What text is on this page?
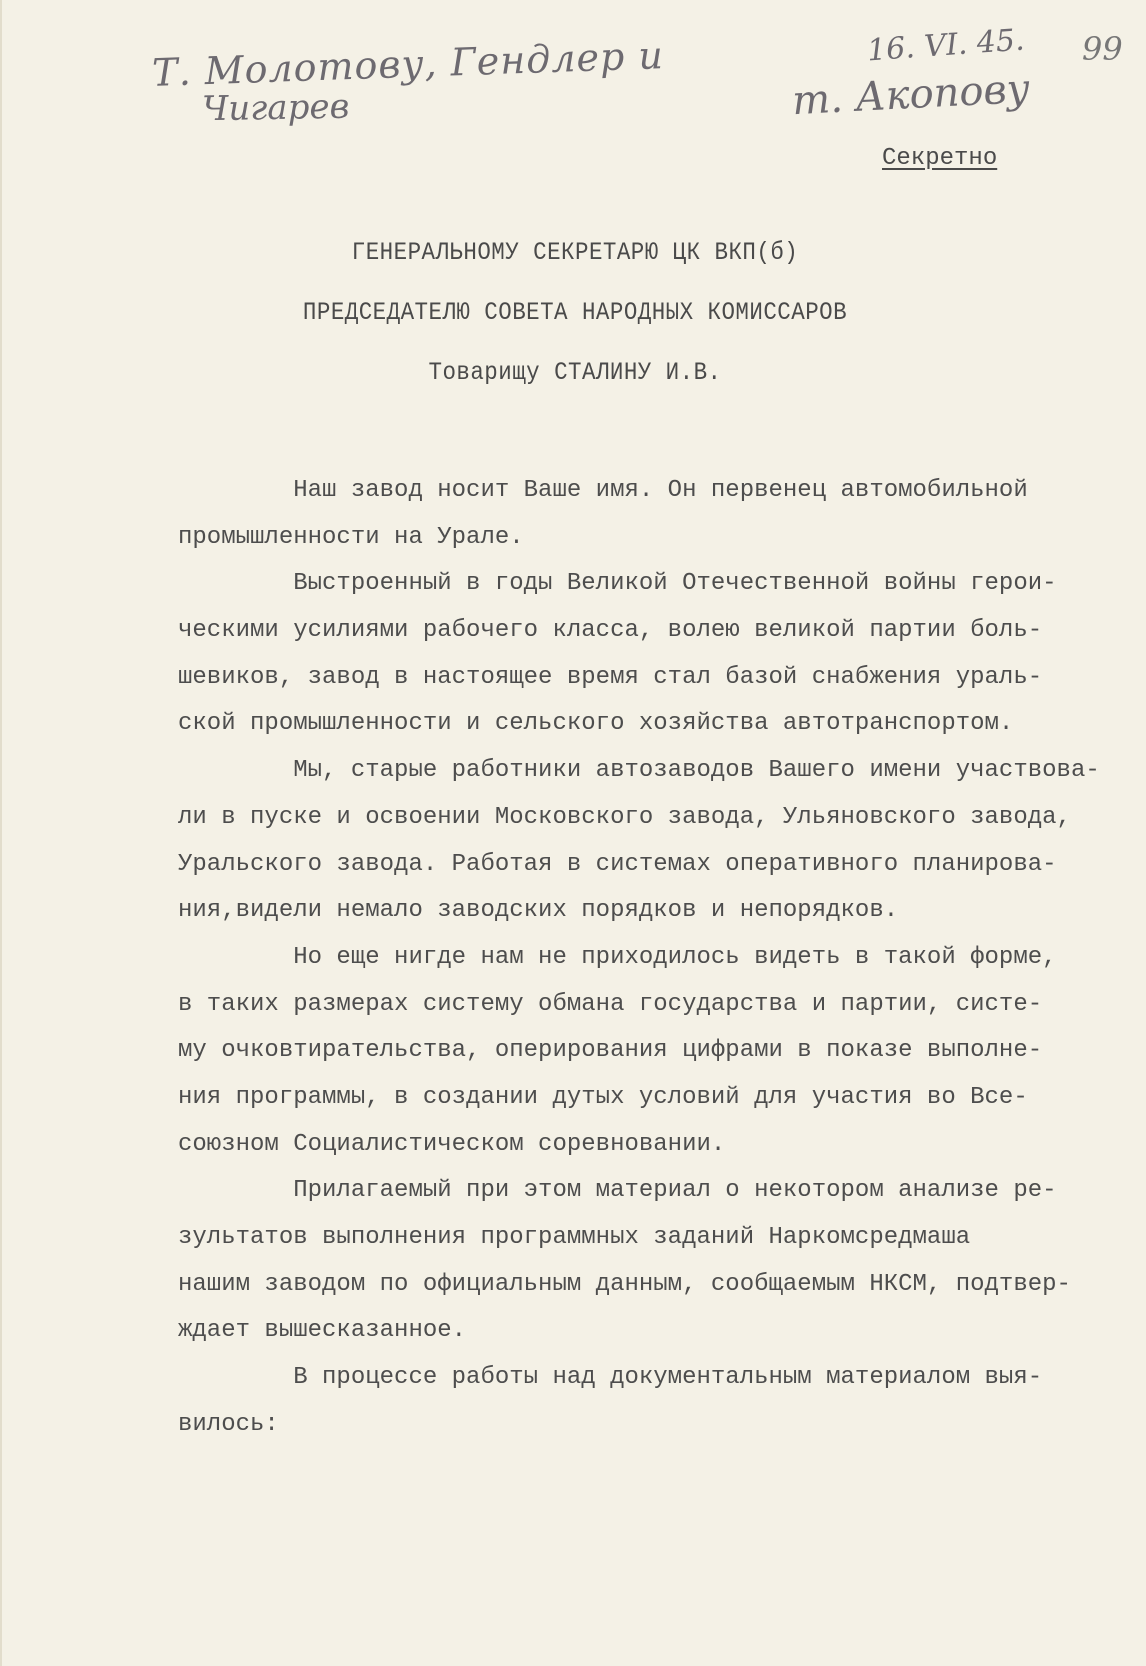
Т. Молотову, Гендлер и
Чигарев
16. VI. 45.
т. Акопову
99
Секретно
ГЕНЕРАЛЬНОМУ СЕКРЕТАРЮ ЦК ВКП(б)
ПРЕДСЕДАТЕЛЮ СОВЕТА НАРОДНЫХ КОМИССАРОВ
Товарищу СТАЛИНУ И.В.
Наш завод носит Ваше имя. Он первенец автомобильной
промышленности на Урале.
Выстроенный в годы Великой Отечественной войны герои-
ческими усилиями рабочего класса, волею великой партии боль-
шевиков, завод в настоящее время стал базой снабжения ураль-
ской промышленности и сельского хозяйства автотранспортом.
Мы, старые работники автозаводов Вашего имени участвова-
ли в пуске и освоении Московского завода, Ульяновского завода,
Уральского завода. Работая в системах оперативного планирова-
ния,видели немало заводских порядков и непорядков.
Но еще нигде нам не приходилось видеть в такой форме,
в таких размерах систему обмана государства и партии, систе-
му очковтирательства, оперирования цифрами в показе выполне-
ния программы, в создании дутых условий для участия во Все-
союзном Социалистическом соревновании.
Прилагаемый при этом материал о некотором анализе ре-
зультатов выполнения программных заданий Наркомсредмаша
нашим заводом по официальным данным, сообщаемым НКСМ, подтвер-
ждает вышесказанное.
В процессе работы над документальным материалом выя-
вилось:
